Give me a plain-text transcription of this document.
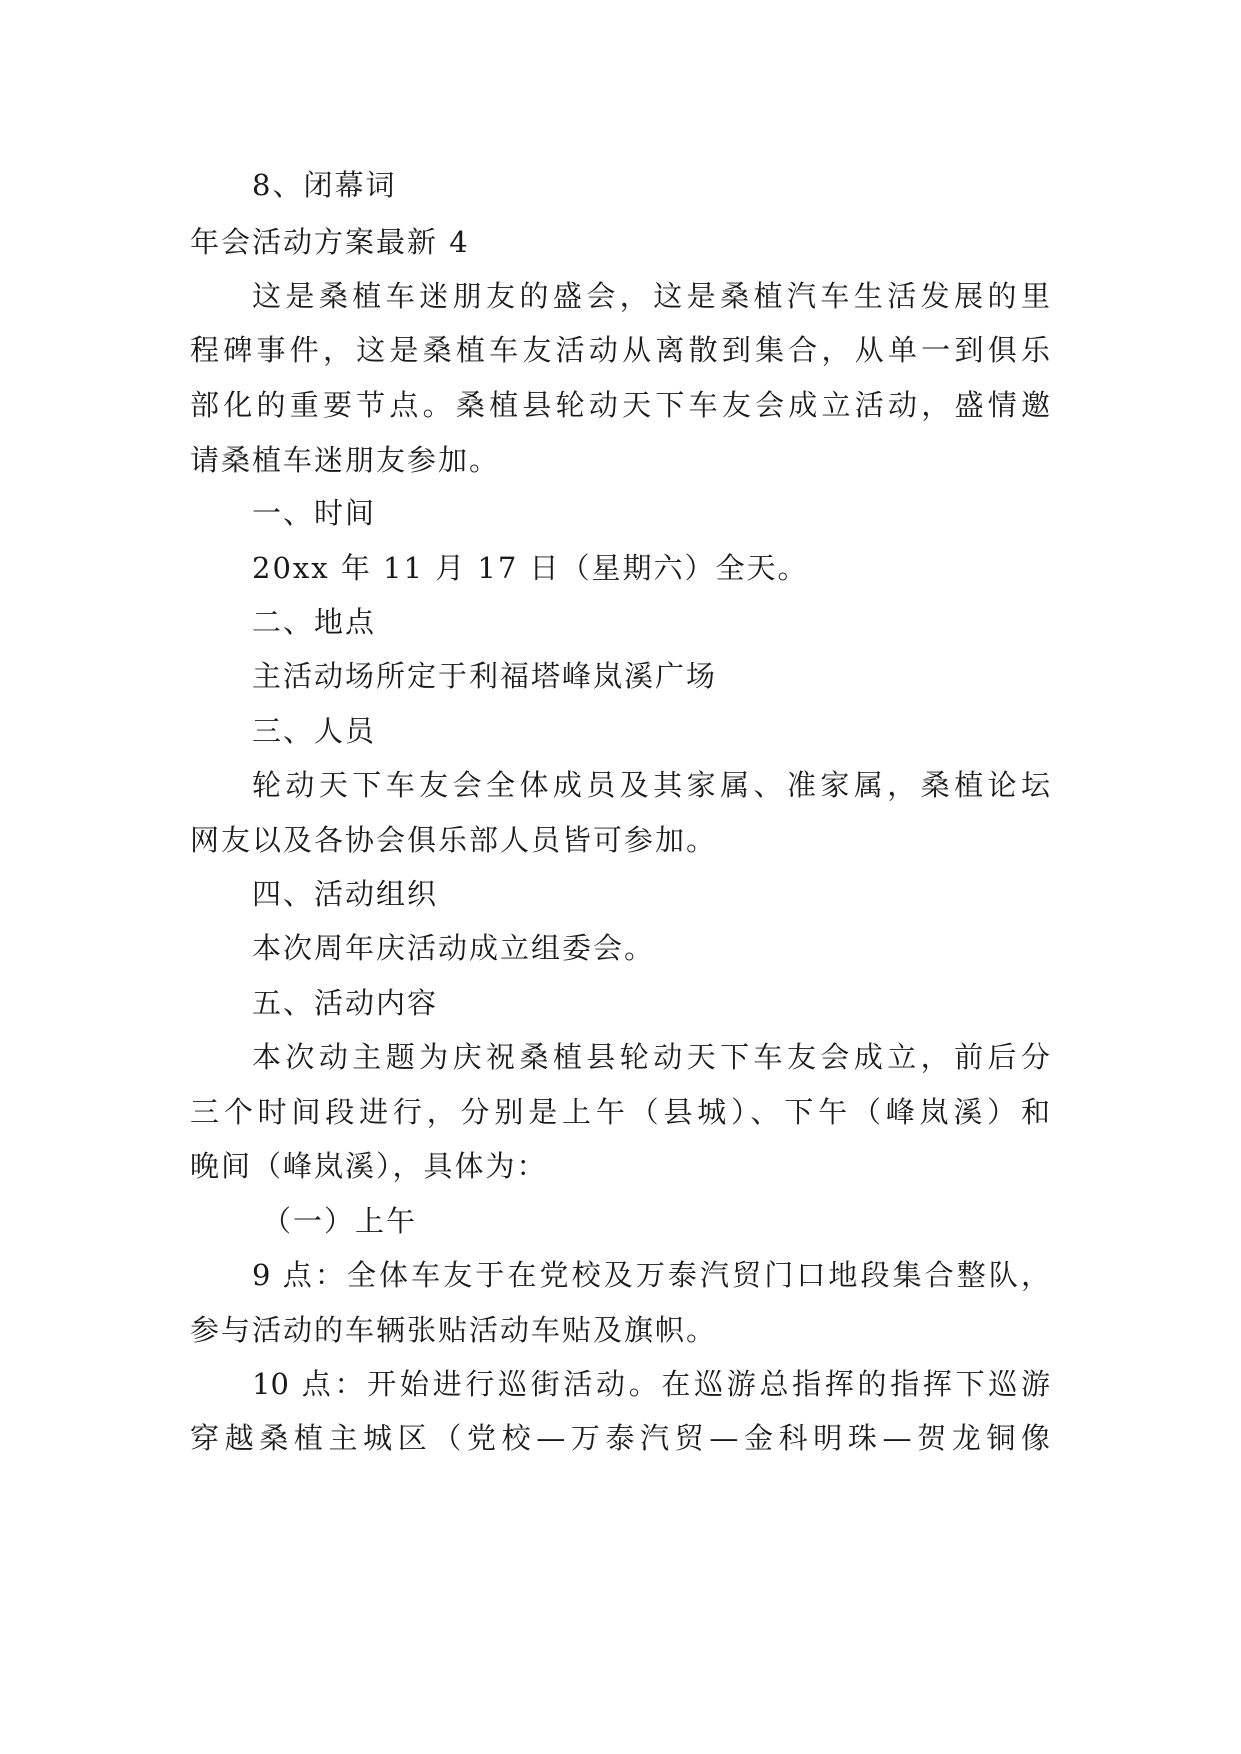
8、闭幕词
年会活动方案最新 4
这是桑植车迷朋友的盛会，这是桑植汽车生活发展的里
程碑事件，这是桑植车友活动从离散到集合，从单一到俱乐
部化的重要节点。桑植县轮动天下车友会成立活动，盛情邀
请桑植车迷朋友参加。
一、时间
20xx 年 11 月 17 日（星期六）全天。
二、地点
主活动场所定于利福塔峰岚溪广场
三、人员
轮动天下车友会全体成员及其家属、准家属，桑植论坛
网友以及各协会俱乐部人员皆可参加。
四、活动组织
本次周年庆活动成立组委会。
五、活动内容
本次动主题为庆祝桑植县轮动天下车友会成立，前后分
三个时间段进行，分别是上午（县城）、下午（峰岚溪）和
晚间（峰岚溪），具体为：
（一）上午
9 点：全体车友于在党校及万泰汽贸门口地段集合整队，
参与活动的车辆张贴活动车贴及旗帜。
10 点：开始进行巡街活动。在巡游总指挥的指挥下巡游
穿越桑植主城区（党校—万泰汽贸—金科明珠—贺龙铜像
